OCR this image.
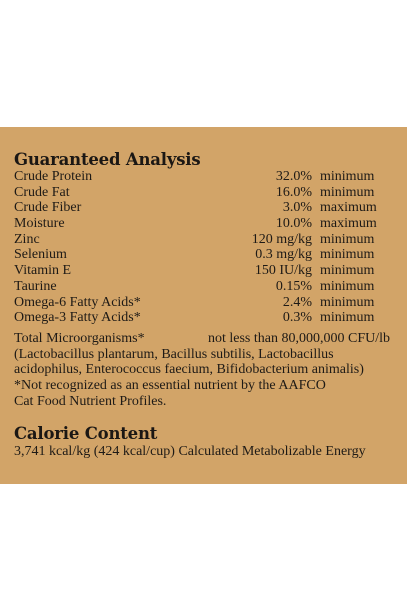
Guaranteed Analysis
Crude Protein	32.0% minimum
Crude Fat	16.0% minimum
Crude Fiber	3.0% maximum
Moisture	10.0% maximum
Zinc	120 mg/kg minimum
Selenium	0.3 mg/kg minimum
Vitamin E	150 IU/kg minimum
Taurine	0.15% minimum
Omega-6 Fatty Acids*	2.4% minimum
Omega-3 Fatty Acids*	0.3% minimum
Total Microorganisms*	not less than 80,000,000 CFU/lb
(Lactobacillus plantarum, Bacillus subtilis, Lactobacillus
acidophilus, Enterococcus faecium, Bifidobacterium animalis)
*Not recognized as an essential nutrient by the AAFCO
Cat Food Nutrient Profiles.
Calorie Content
3,741 kcal/kg (424 kcal/cup) Calculated Metabolizable Energy
